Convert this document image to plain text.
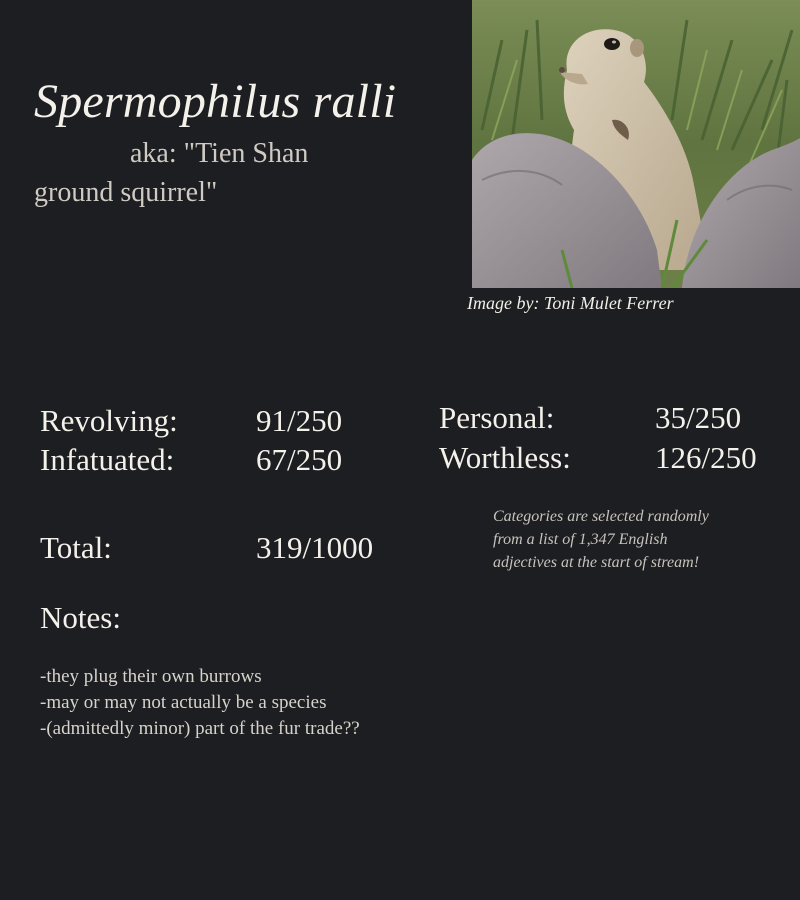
Spermophilus ralli
aka: "Tien Shan ground squirrel"
Image by: Toni Mulet Ferrer
Revolving:	91/250
Infatuated:	67/250
Personal:	35/250
Worthless:	126/250
Total:	319/1000
Categories are selected randomly from a list of 1,347 English adjectives at the start of stream!
Notes:
-they plug their own burrows
-may or may not actually be a species
-(admittedly minor) part of the fur trade??
